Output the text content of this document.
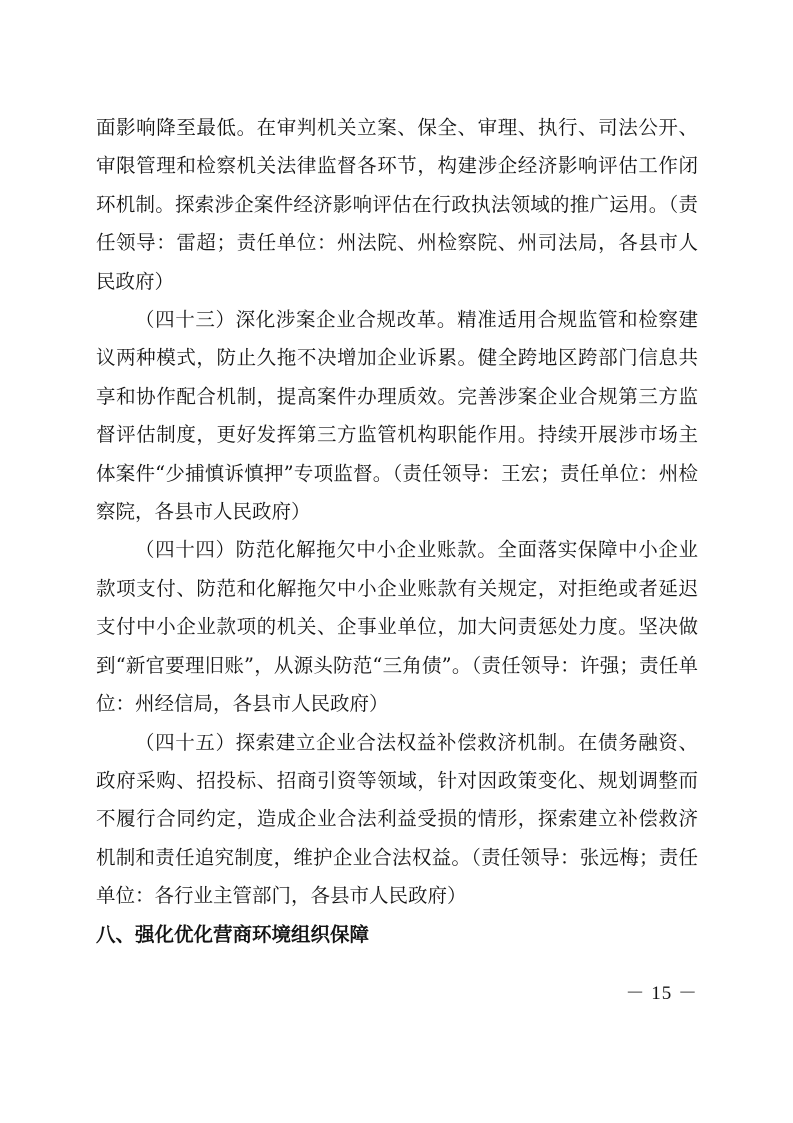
面影响降至最低。在审判机关立案、保全、审理、执行、司法公开、审限管理和检察机关法律监督各环节，构建涉企经济影响评估工作闭环机制。探索涉企案件经济影响评估在行政执法领域的推广运用。（责任领导：雷超；责任单位：州法院、州检察院、州司法局，各县市人民政府）

（四十三）深化涉案企业合规改革。精准适用合规监管和检察建议两种模式，防止久拖不决增加企业诉累。健全跨地区跨部门信息共享和协作配合机制，提高案件办理质效。完善涉案企业合规第三方监督评估制度，更好发挥第三方监管机构职能作用。持续开展涉市场主体案件“少捕慎诉慎押”专项监督。（责任领导：王宏；责任单位：州检察院，各县市人民政府）

（四十四）防范化解拖欠中小企业账款。全面落实保障中小企业款项支付、防范和化解拖欠中小企业账款有关规定，对拒绝或者延迟支付中小企业款项的机关、企事业单位，加大问责惩处力度。坚决做到“新官要理旧账”，从源头防范“三角债”。（责任领导：许强；责任单位：州经信局，各县市人民政府）

（四十五）探索建立企业合法权益补偿救济机制。在债务融资、政府采购、招投标、招商引资等领域，针对因政策变化、规划调整而不履行合同约定，造成企业合法利益受损的情形，探索建立补偿救济机制和责任追究制度，维护企业合法权益。（责任领导：张远梅；责任单位：各行业主管部门，各县市人民政府）

八、强化优化营商环境组织保障

－ 15 －
